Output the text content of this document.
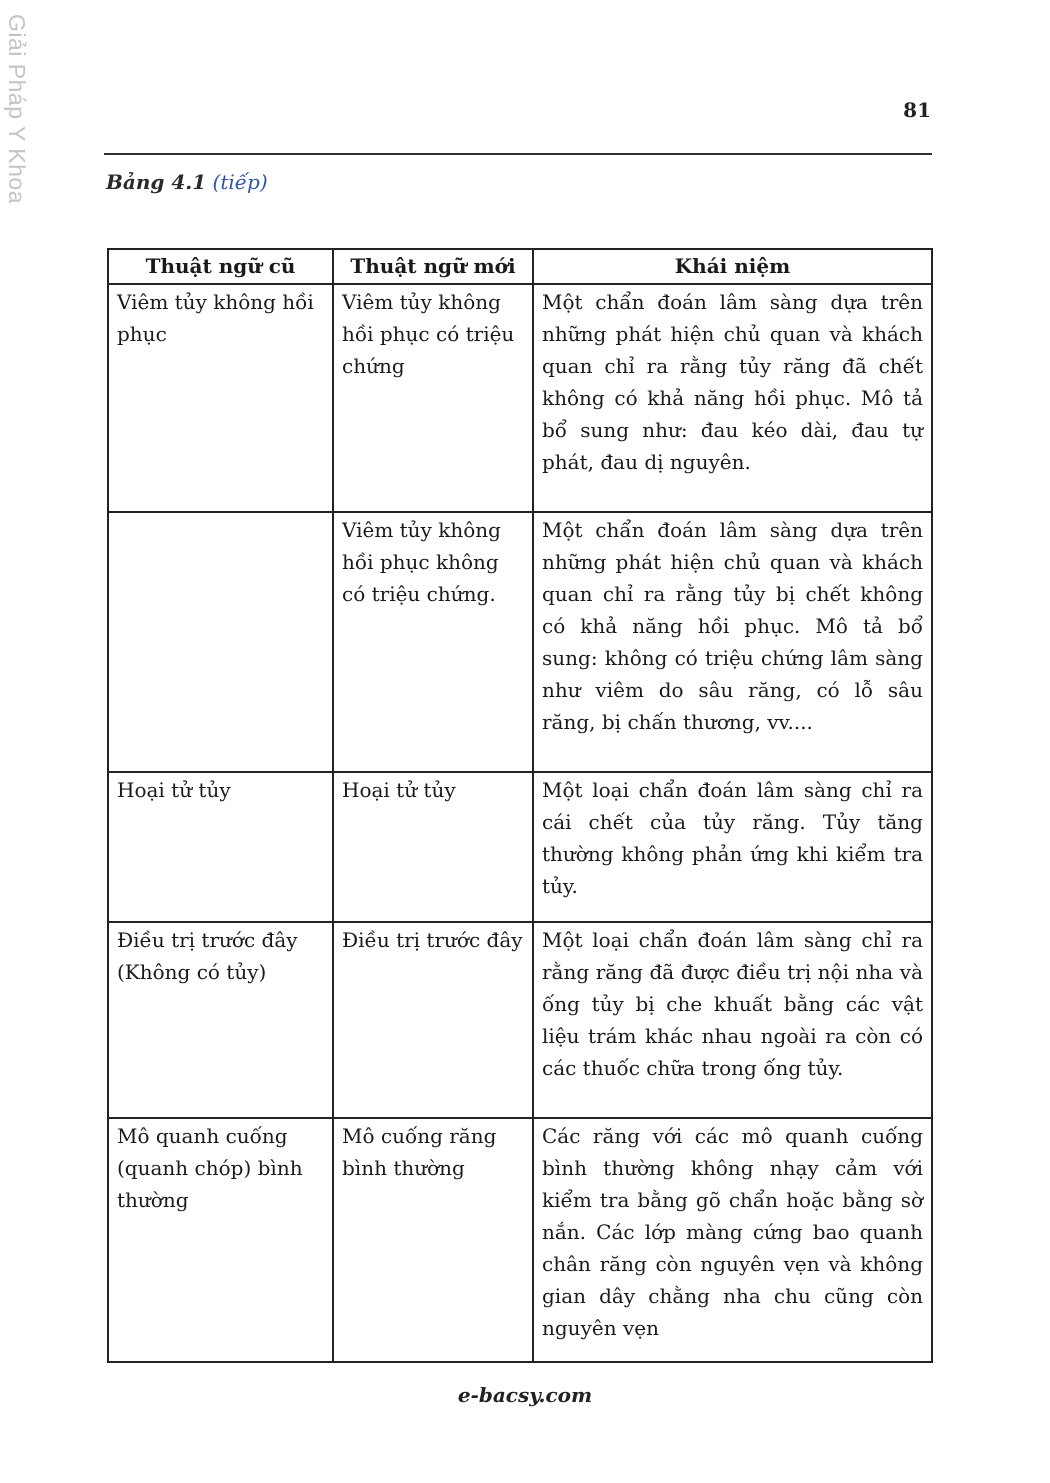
Giải Pháp Y Khoa	81
Bảng 4.1 (tiếp)
Thuật ngữ cũ	Thuật ngữ mới	Khái niệm
Viêm tủy không hồi phục	Viêm tủy không hồi phục có triệu chứng	Một chẩn đoán lâm sàng dựa trên những phát hiện chủ quan và khách quan chỉ ra rằng tủy răng đã chết không có khả năng hồi phục. Mô tả bổ sung như: đau kéo dài, đau tự phát, đau dị nguyên.
	Viêm tủy không hồi phục không có triệu chứng.	Một chẩn đoán lâm sàng dựa trên những phát hiện chủ quan và khách quan chỉ ra rằng tủy bị chết không có khả năng hồi phục. Mô tả bổ sung: không có triệu chứng lâm sàng như viêm do sâu răng, có lỗ sâu răng, bị chấn thương, vv....
Hoại tử tủy	Hoại tử tủy	Một loại chẩn đoán lâm sàng chỉ ra cái chết của tủy răng. Tủy tăng thường không phản ứng khi kiểm tra tủy.
Điều trị trước đây (Không có tủy)	Điều trị trước đây	Một loại chẩn đoán lâm sàng chỉ ra rằng răng đã được điều trị nội nha và ống tủy bị che khuất bằng các vật liệu trám khác nhau ngoài ra còn có các thuốc chữa trong ống tủy.
Mô quanh cuống (quanh chóp) bình thường	Mô cuống răng bình thường	Các răng với các mô quanh cuống bình thường không nhạy cảm với kiểm tra bằng gõ chẩn hoặc bằng sờ nắn. Các lớp màng cứng bao quanh chân răng còn nguyên vẹn và không gian dây chằng nha chu cũng còn nguyên vẹn
e-bacsy.com
